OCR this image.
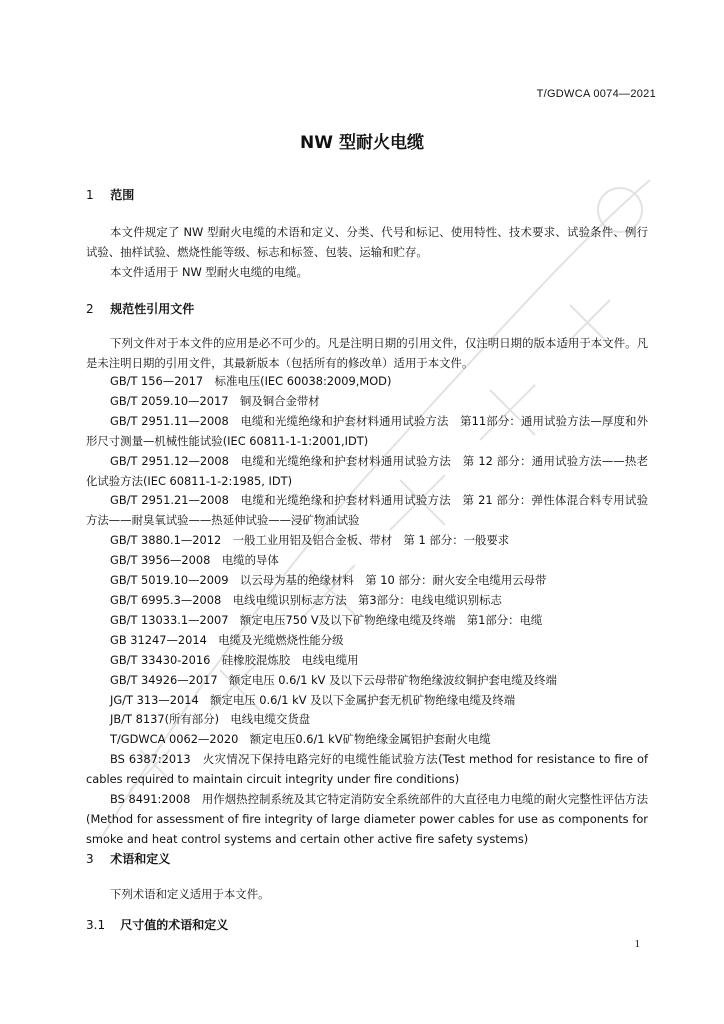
T/GDWCA 0074—2021
NW 型耐火电缆
1 范围

本文件规定了 NW 型耐火电缆的术语和定义、分类、代号和标记、使用特性、技术要求、试验条件、例行试验、抽样试验、燃烧性能等级、标志和标签、包装、运输和贮存。

本文件适用于 NW 型耐火电缆的电缆。

2 规范性引用文件

下列文件对于本文件的应用是必不可少的。凡是注明日期的引用文件，仅注明日期的版本适用于本文件。凡是未注明日期的引用文件，其最新版本（包括所有的修改单）适用于本文件。

GB/T 156—2017　标准电压(IEC 60038:2009,MOD)
GB/T 2059.10—2017　铜及铜合金带材
GB/T 2951.11—2008　电缆和光缆绝缘和护套材料通用试验方法　第11部分：通用试验方法—厚度和外形尺寸测量—机械性能试验(IEC 60811-1-1:2001,IDT)
GB/T 2951.12—2008　电缆和光缆绝缘和护套材料通用试验方法　第 12 部分：通用试验方法——热老化试验方法(IEC 60811-1-2:1985, IDT)
GB/T 2951.21—2008　电缆和光缆绝缘和护套材料通用试验方法　第 21 部分：弹性体混合料专用试验方法——耐臭氧试验——热延伸试验——浸矿物油试验
GB/T 3880.1—2012　一般工业用铝及铝合金板、带材　第 1 部分：一般要求
GB/T 3956—2008　电缆的导体
GB/T 5019.10—2009　以云母为基的绝缘材料　第 10 部分：耐火安全电缆用云母带
GB/T 6995.3—2008　电线电缆识别标志方法　第3部分：电线电缆识别标志
GB/T 13033.1—2007　额定电压750 V及以下矿物绝缘电缆及终端　第1部分：电缆
GB 31247—2014　电缆及光缆燃烧性能分级
GB/T 33430-2016　硅橡胶混炼胶　电线电缆用
GB/T 34926—2017　额定电压 0.6/1 kV 及以下云母带矿物绝缘波纹铜护套电缆及终端
JG/T 313—2014　额定电压 0.6/1 kV 及以下金属护套无机矿物绝缘电缆及终端
JB/T 8137(所有部分)　电线电缆交货盘
T/GDWCA 0062—2020　额定电压0.6/1 kV矿物绝缘金属铝护套耐火电缆
BS 6387:2013　火灾情况下保持电路完好的电缆性能试验方法(Test method for resistance to fire of cables required to maintain circuit integrity under fire conditions)
BS 8491:2008　用作烟热控制系统及其它特定消防安全系统部件的大直径电力电缆的耐火完整性评估方法(Method for assessment of fire integrity of large diameter power cables for use as components for smoke and heat control systems and certain other active fire safety systems)
3 术语和定义

下列术语和定义适用于本文件。

3.1 尺寸值的术语和定义
1
